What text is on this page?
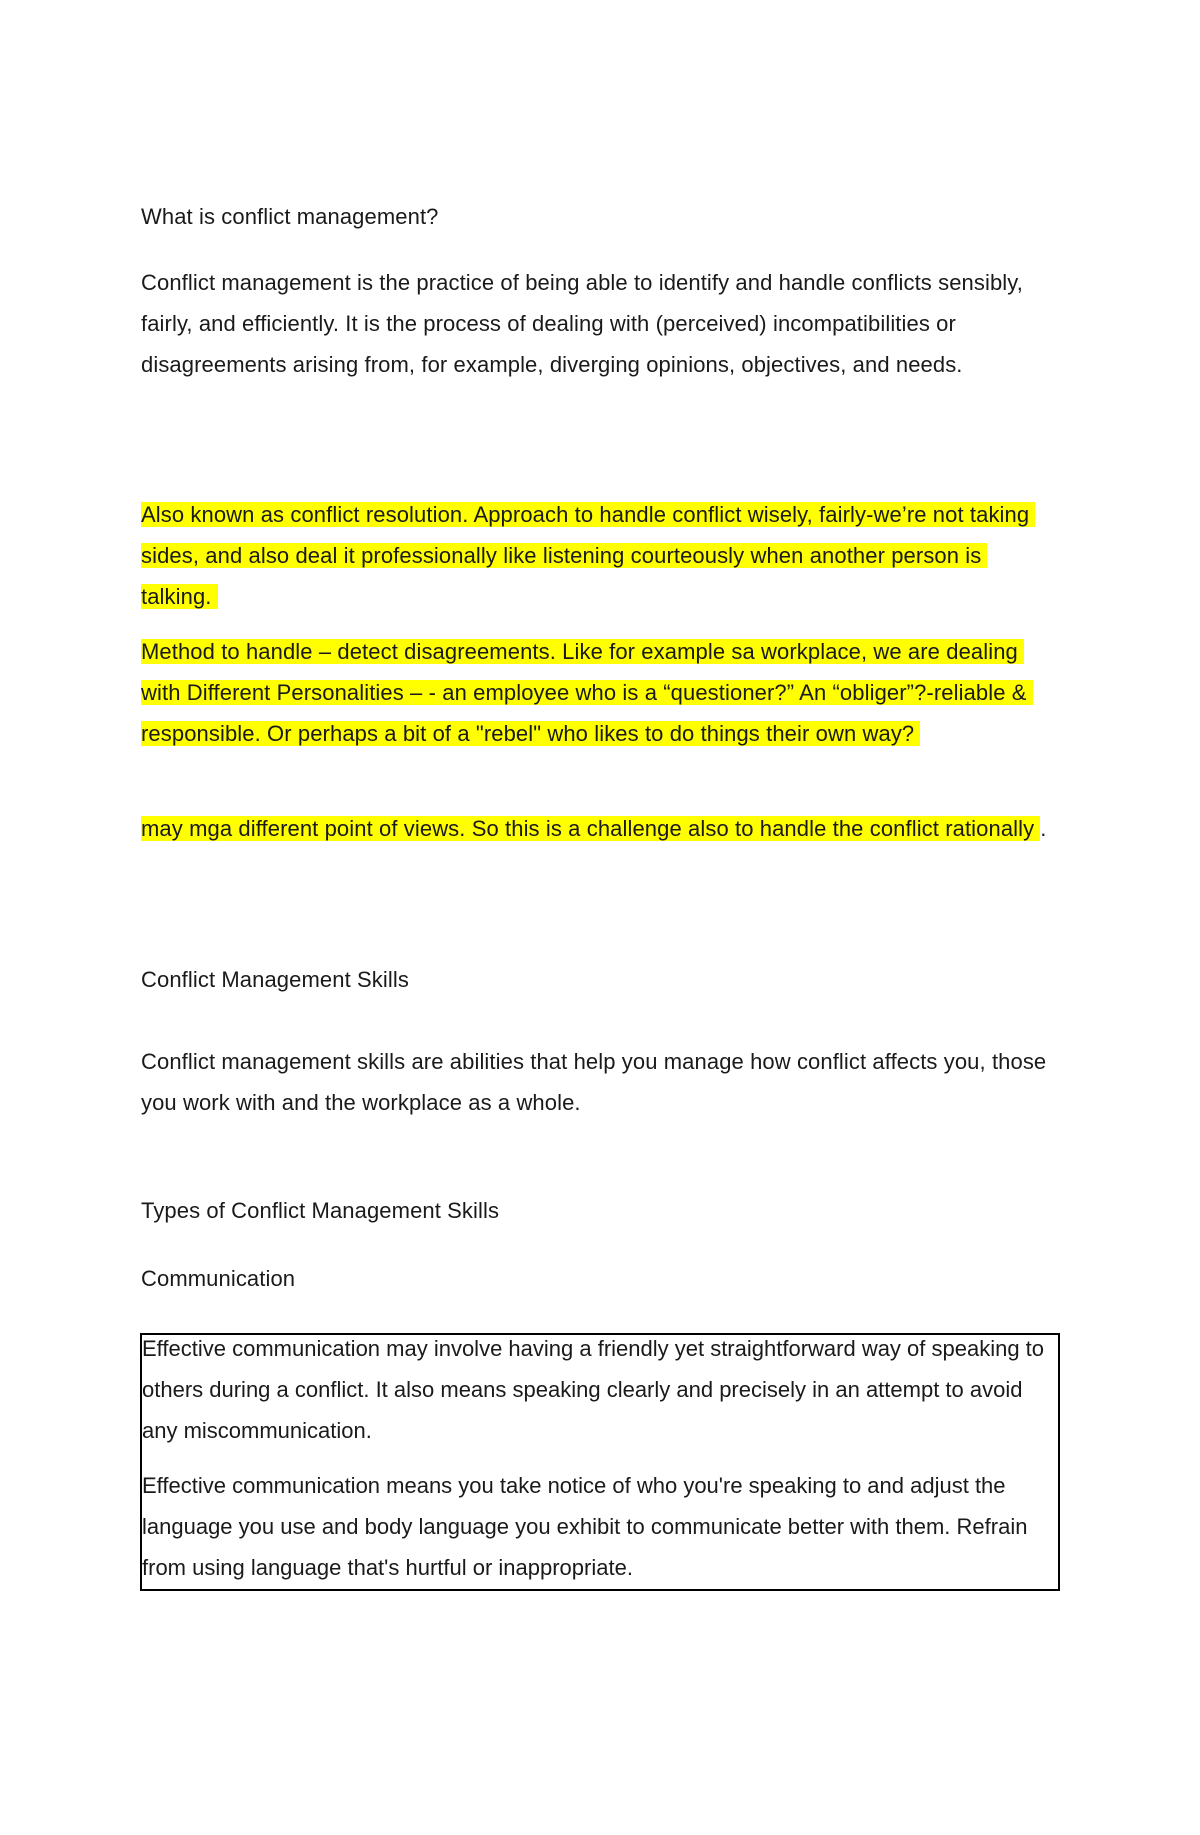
What is conflict management?

Conflict management is the practice of being able to identify and handle conflicts sensibly, fairly, and efficiently. It is the process of dealing with (perceived) incompatibilities or disagreements arising from, for example, diverging opinions, objectives, and needs.

Also known as conflict resolution. Approach to handle conflict wisely, fairly-we’re not taking sides, and also deal it professionally like listening courteously when another person is talking.

Method to handle – detect disagreements. Like for example sa workplace, we are dealing with Different Personalities – - an employee who is a “questioner?” An “obliger”?-reliable & responsible. Or perhaps a bit of a "rebel" who likes to do things their own way?

may mga different point of views. So this is a challenge also to handle the conflict rationally .

Conflict Management Skills

Conflict management skills are abilities that help you manage how conflict affects you, those you work with and the workplace as a whole.

Types of Conflict Management Skills

Communication

Effective communication may involve having a friendly yet straightforward way of speaking to others during a conflict. It also means speaking clearly and precisely in an attempt to avoid any miscommunication.

Effective communication means you take notice of who you're speaking to and adjust the language you use and body language you exhibit to communicate better with them. Refrain from using language that's hurtful or inappropriate.
